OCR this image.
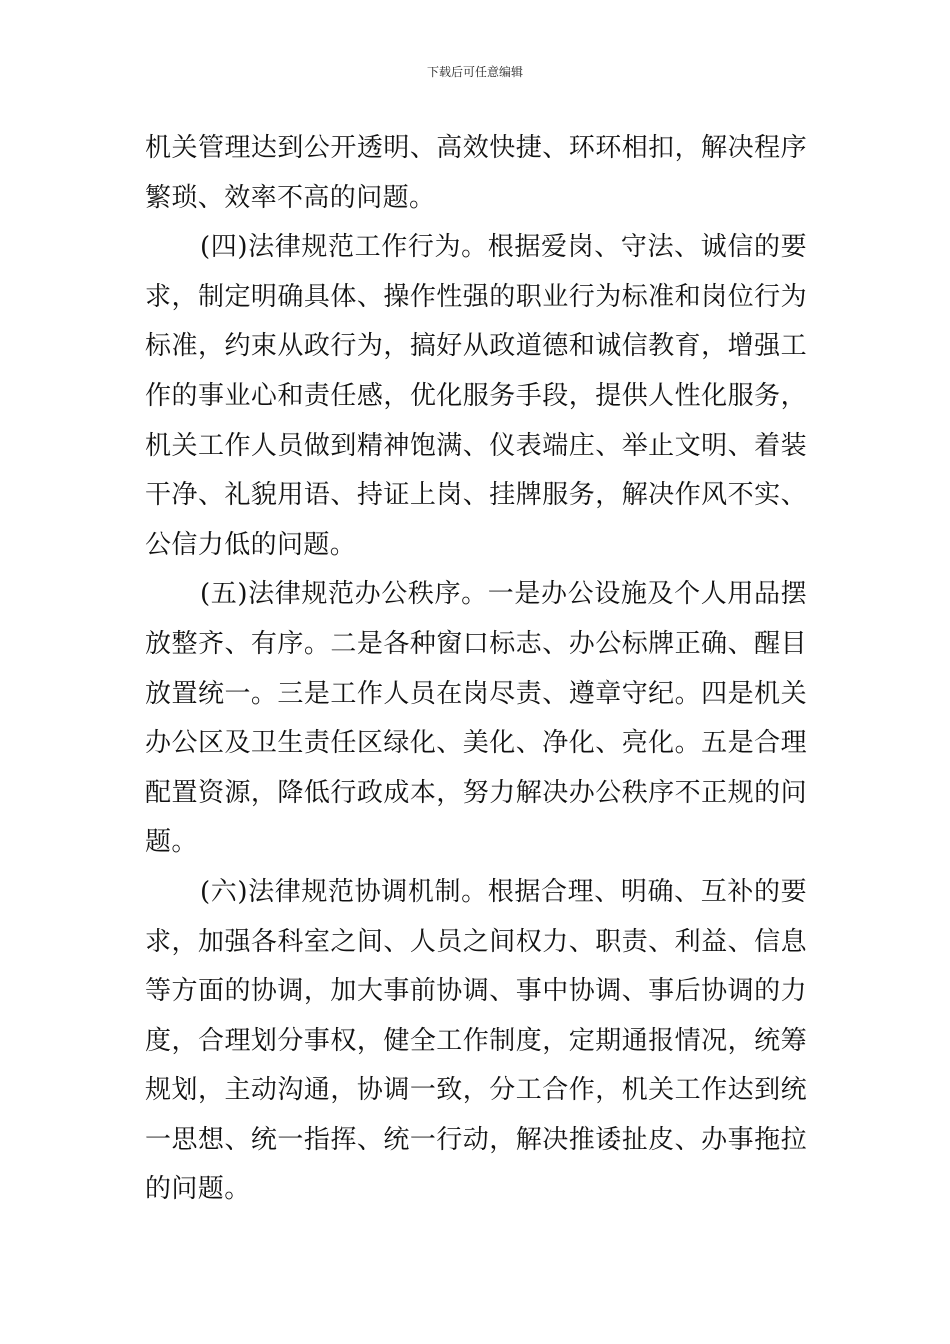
下载后可任意编辑

机关管理达到公开透明、高效快捷、环环相扣，解决程序繁琐、效率不高的问题。

(四)法律规范工作行为。根据爱岗、守法、诚信的要求，制定明确具体、操作性强的职业行为标准和岗位行为标准，约束从政行为，搞好从政道德和诚信教育，增强工作的事业心和责任感，优化服务手段，提供人性化服务，机关工作人员做到精神饱满、仪表端庄、举止文明、着装干净、礼貌用语、持证上岗、挂牌服务，解决作风不实、公信力低的问题。

(五)法律规范办公秩序。一是办公设施及个人用品摆放整齐、有序。二是各种窗口标志、办公标牌正确、醒目放置统一。三是工作人员在岗尽责、遵章守纪。四是机关办公区及卫生责任区绿化、美化、净化、亮化。五是合理配置资源，降低行政成本，努力解决办公秩序不正规的问题。

(六)法律规范协调机制。根据合理、明确、互补的要求，加强各科室之间、人员之间权力、职责、利益、信息等方面的协调，加大事前协调、事中协调、事后协调的力度，合理划分事权，健全工作制度，定期通报情况，统筹规划，主动沟通，协调一致，分工合作，机关工作达到统一思想、统一指挥、统一行动，解决推诿扯皮、办事拖拉的问题。
